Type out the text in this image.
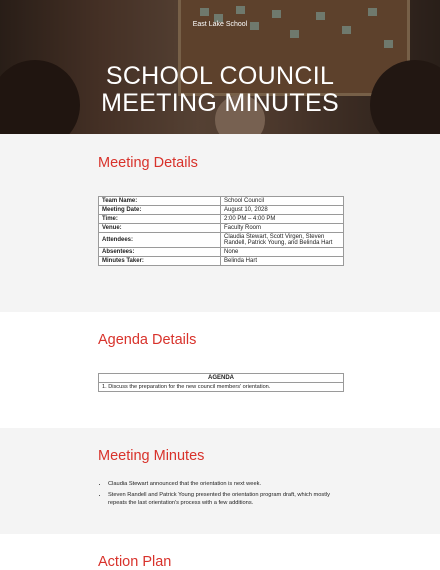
East Lake School
SCHOOL COUNCIL
MEETING MINUTES
Meeting Details
Team Name:	School Council
Meeting Date:	August 10, 2028
Time:	2:00 PM – 4:00 PM
Venue:	Faculty Room
Attendees:	Claudia Stewart, Scott Virgen, Steven Randell, Patrick Young, and Belinda Hart
Absentees:	None
Minutes Taker:	Belinda Hart
Agenda Details
AGENDA
1. Discuss the preparation for the new council members' orientation.
Meeting Minutes
• Claudia Stewart announced that the orientation is next week.
• Steven Randell and Patrick Young presented the orientation program draft, which mostly repeats the last orientation's process with a few additions.
Action Plan
